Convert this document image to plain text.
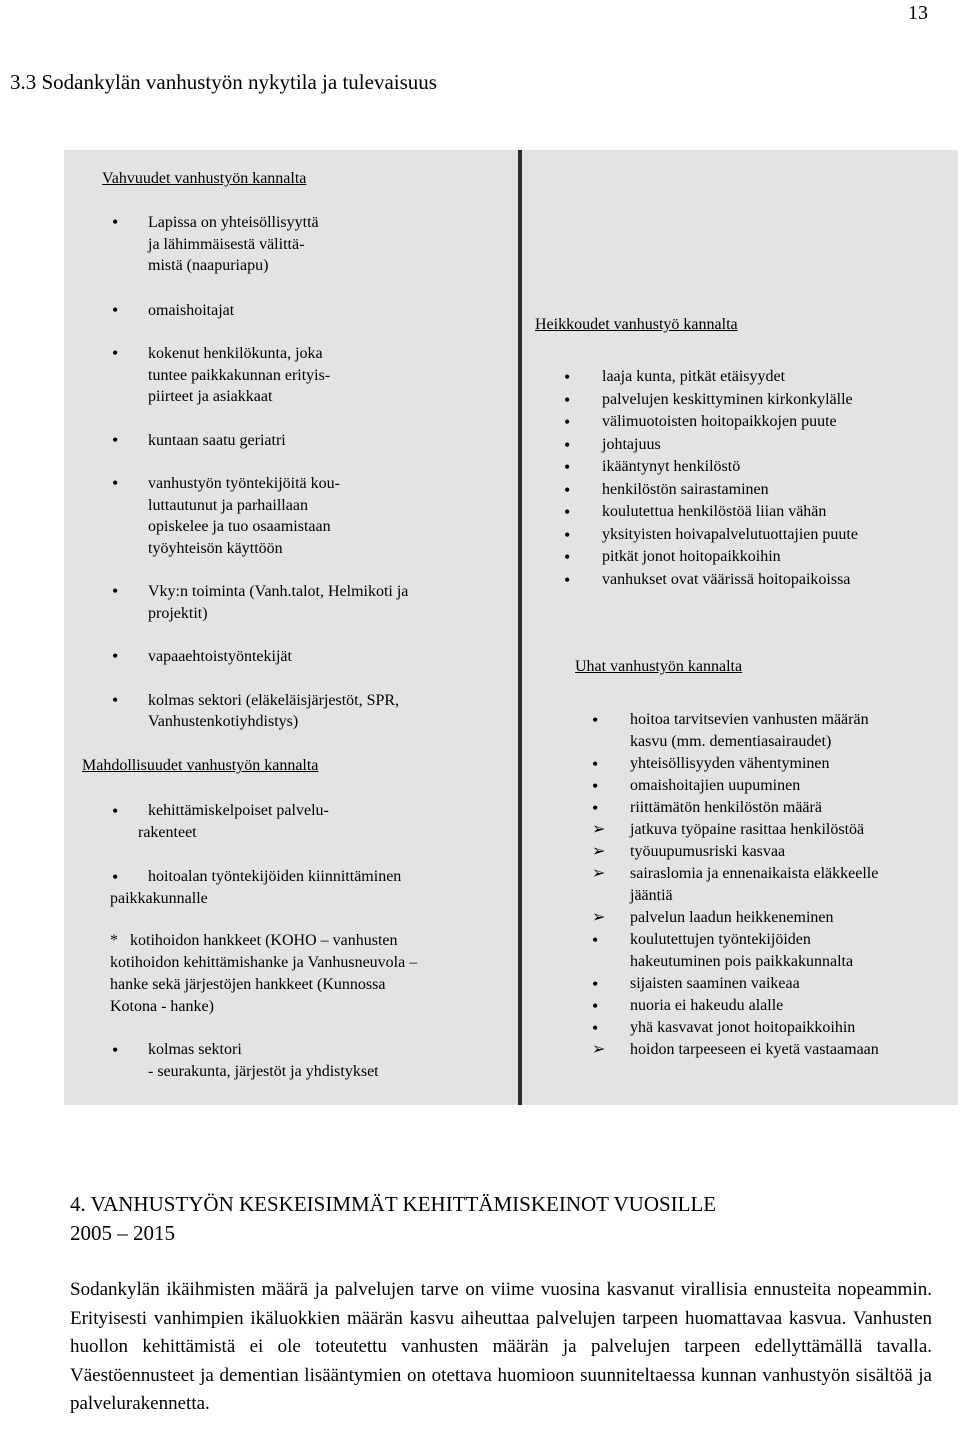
13
3.3 Sodankylän vanhustyön nykytila ja tulevaisuus
Vahvuudet vanhustyön kannalta
• Lapissa on yhteisöllisyyttä
ja lähimmäisestä välittä-
mistä (naapuriapu)
• omaishoitajat
• kokenut henkilökunta, joka
tuntee paikkakunnan erityis-
piirteet ja asiakkaat
• kuntaan saatu geriatri
• vanhustyön työntekijöitä kou-
luttautunut ja parhaillaan
opiskelee ja tuo osaamistaan
työyhteisön käyttöön
• Vky:n toiminta (Vanh.talot, Helmikoti ja
projektit)
• vapaaehtoistyöntekijät
• kolmas sektori (eläkeläisjärjestöt, SPR,
Vanhustenkotiyhdistys)
Mahdollisuudet vanhustyön kannalta
• kehittämiskelpoiset palvelu-
rakenteet
•	hoitoalan työntekijöiden kiinnittäminen
paikkakunnalle
* kotihoidon hankkeet (KOHO – vanhusten
kotihoidon kehittämishanke ja Vanhusneuvola –
hanke sekä järjestöjen hankkeet (Kunnossa
Kotona - hanke)
• kolmas sektori
- seurakunta, järjestöt ja yhdistykset
Heikkoudet vanhustyö kannalta
• laaja kunta, pitkät etäisyydet
• palvelujen keskittyminen kirkonkylälle
• välimuotoisten hoitopaikkojen puute
• johtajuus
• ikääntynyt henkilöstö
• henkilöstön sairastaminen
• koulutettua henkilöstöä liian vähän
• yksityisten hoivapalvelutuottajien puute
• pitkät jonot hoitopaikkoihin
• vanhukset ovat väärissä hoitopaikoissa
Uhat vanhustyön kannalta
• hoitoa tarvitsevien vanhusten määrän
kasvu (mm. dementiasairaudet)
• yhteisöllisyyden vähentyminen
• omaishoitajien uupuminen
• riittämätön henkilöstön määrä
➢ jatkuva työpaine rasittaa henkilöstöä
➢ työuupumusriski kasvaa
➢ sairaslomia ja ennenaikaista eläkkeelle
jääntiä
➢ palvelun laadun heikkeneminen
• koulutettujen työntekijöiden
hakeutuminen pois paikkakunnalta
• sijaisten saaminen vaikeaa
• nuoria ei hakeudu alalle
• yhä kasvavat jonot hoitopaikkoihin
➢ hoidon tarpeeseen ei kyetä vastaamaan
4. VANHUSTYÖN KESKEISIMMÄT KEHITTÄMISKEINOT VUOSILLE
2005 – 2015
Sodankylän ikäihmisten määrä ja palvelujen tarve on viime vuosina kasvanut virallisia ennusteita nopeammin. Erityisesti vanhimpien ikäluokkien määrän kasvu aiheuttaa palvelujen tarpeen huomattavaa kasvua. Vanhusten huollon kehittämistä ei ole toteutettu vanhusten määrän ja palvelujen tarpeen edellyttämällä tavalla. Väestöennusteet ja dementian lisääntymien on otettava huomioon suunniteltaessa kunnan vanhustyön sisältöä ja palvelurakennetta.
